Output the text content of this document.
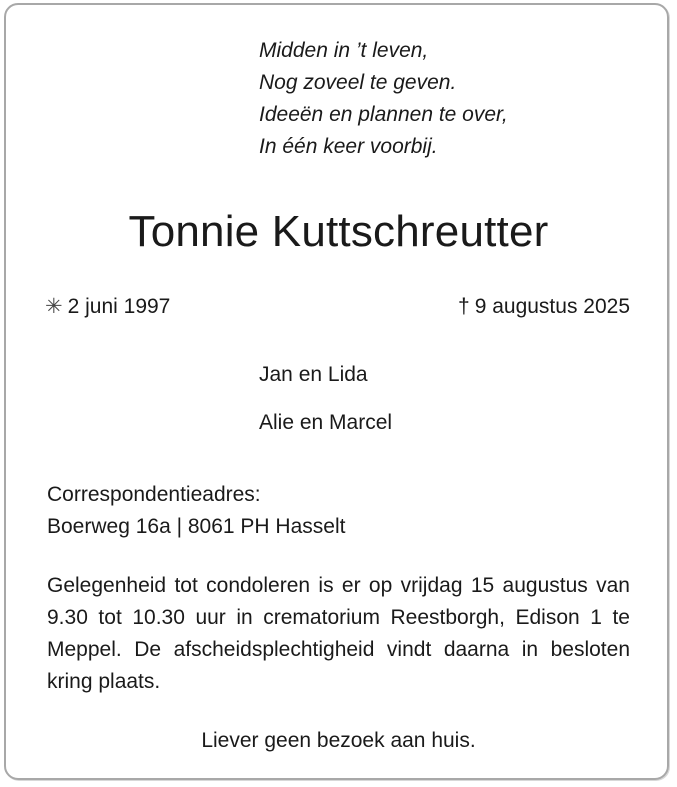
Midden in ’t leven,
Nog zoveel te geven.
Ideeën en plannen te over,
In één keer voorbij.
Tonnie Kuttschreutter
✳ 2 juni 1997	† 9 augustus 2025
Jan en Lida
Alie en Marcel
Correspondentieadres:
Boerweg 16a | 8061 PH Hasselt
Gelegenheid tot condoleren is er op vrijdag 15 augustus van 9.30 tot 10.30 uur in crematorium Reestborgh, Edison 1 te Meppel. De afscheidsplechtigheid vindt daarna in besloten kring plaats.
Liever geen bezoek aan huis.
